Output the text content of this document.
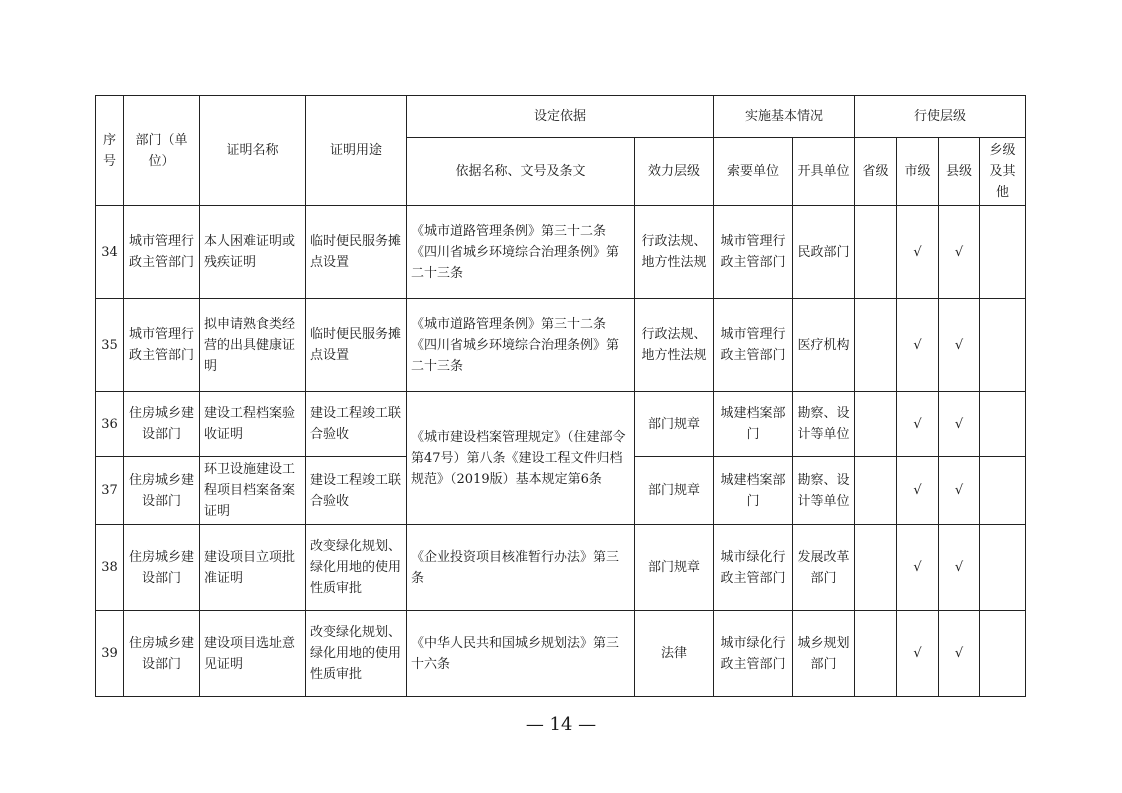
序号	部门（单位）	证明名称	证明用途	设定依据		实施基本情况		行使层级			
				依据名称、文号及条文	效力层级	索要单位	开具单位	省级	市级	县级	乡级及其他
34	城市管理行政主管部门	本人困难证明或残疾证明	临时便民服务摊点设置	《城市道路管理条例》第三十二条《四川省城乡环境综合治理条例》第二十三条	行政法规、地方性法规	城市管理行政主管部门	民政部门		√	√	
35	城市管理行政主管部门	拟申请熟食类经营的出具健康证明	临时便民服务摊点设置	《城市道路管理条例》第三十二条《四川省城乡环境综合治理条例》第二十三条	行政法规、地方性法规	城市管理行政主管部门	医疗机构		√	√	
36	住房城乡建设部门	建设工程档案验收证明	建设工程竣工联合验收	《城市建设档案管理规定》（住建部令第47号）第八条《建设工程文件归档规范》（2019版）基本规定第6条	部门规章	城建档案部门	勘察、设计等单位		√	√	
37	住房城乡建设部门	环卫设施建设工程项目档案备案证明	建设工程竣工联合验收		部门规章	城建档案部门	勘察、设计等单位		√	√	
38	住房城乡建设部门	建设项目立项批准证明	改变绿化规划、绿化用地的使用性质审批	《企业投资项目核准暂行办法》第三条	部门规章	城市绿化行政主管部门	发展改革部门		√	√	
39	住房城乡建设部门	建设项目选址意见证明	改变绿化规划、绿化用地的使用性质审批	《中华人民共和国城乡规划法》第三十六条	法律	城市绿化行政主管部门	城乡规划部门		√	√	
— 14 —
